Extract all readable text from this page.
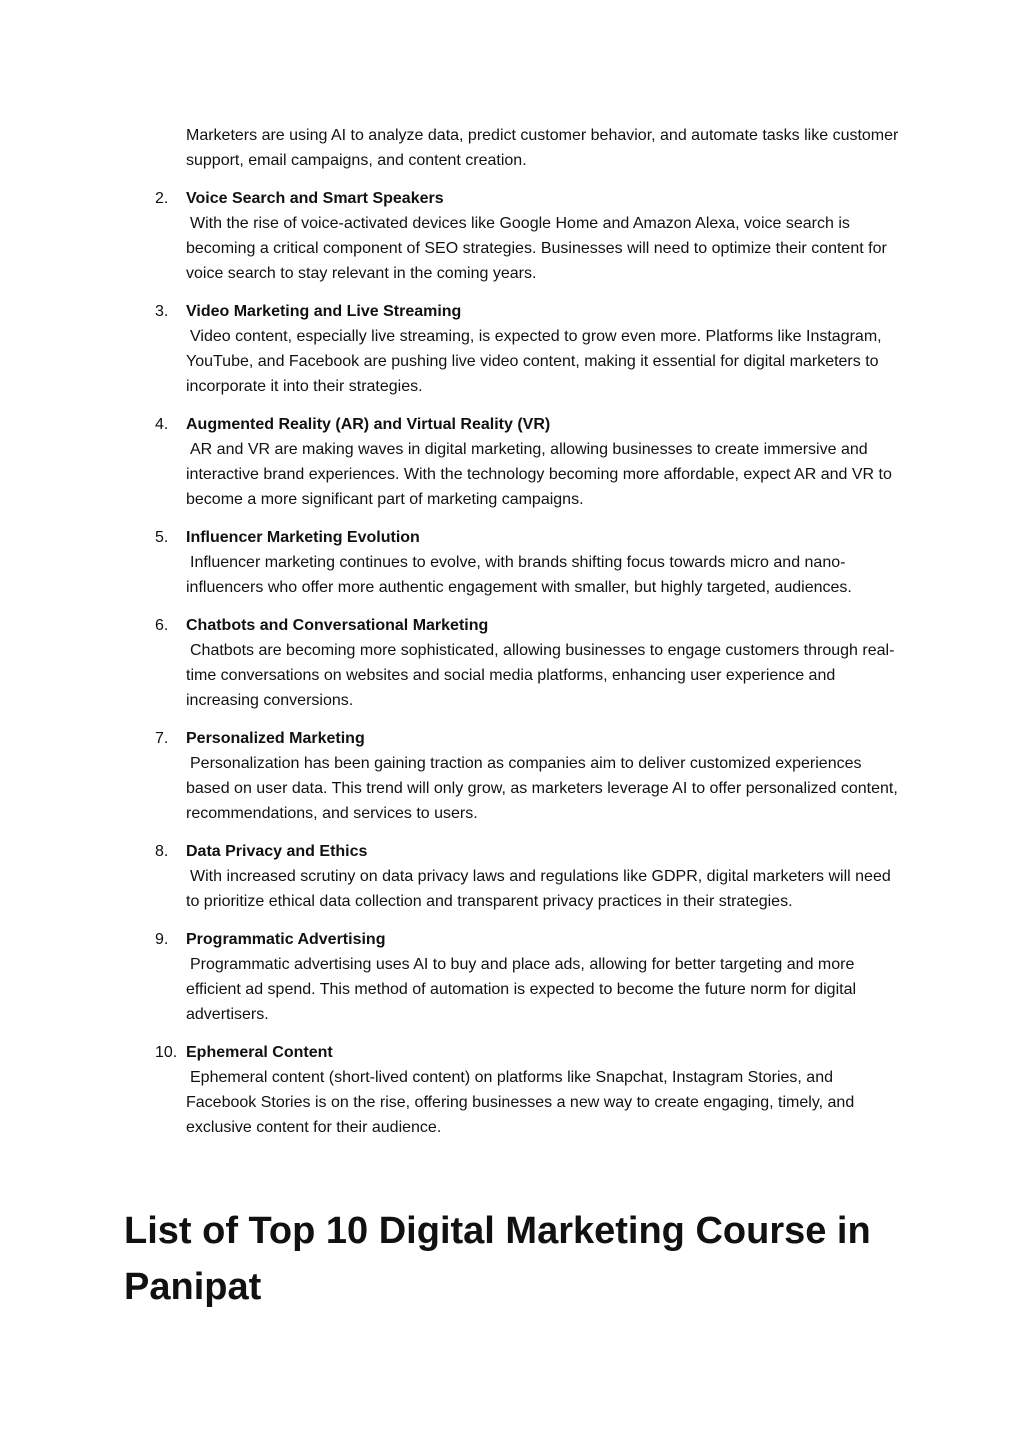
Marketers are using AI to analyze data, predict customer behavior, and automate tasks like customer support, email campaigns, and content creation.

2. Voice Search and Smart Speakers
With the rise of voice-activated devices like Google Home and Amazon Alexa, voice search is becoming a critical component of SEO strategies. Businesses will need to optimize their content for voice search to stay relevant in the coming years.
3. Video Marketing and Live Streaming
Video content, especially live streaming, is expected to grow even more. Platforms like Instagram, YouTube, and Facebook are pushing live video content, making it essential for digital marketers to incorporate it into their strategies.
4. Augmented Reality (AR) and Virtual Reality (VR)
AR and VR are making waves in digital marketing, allowing businesses to create immersive and interactive brand experiences. With the technology becoming more affordable, expect AR and VR to become a more significant part of marketing campaigns.
5. Influencer Marketing Evolution
Influencer marketing continues to evolve, with brands shifting focus towards micro and nano-influencers who offer more authentic engagement with smaller, but highly targeted, audiences.
6. Chatbots and Conversational Marketing
Chatbots are becoming more sophisticated, allowing businesses to engage customers through real-time conversations on websites and social media platforms, enhancing user experience and increasing conversions.
7. Personalized Marketing
Personalization has been gaining traction as companies aim to deliver customized experiences based on user data. This trend will only grow, as marketers leverage AI to offer personalized content, recommendations, and services to users.
8. Data Privacy and Ethics
With increased scrutiny on data privacy laws and regulations like GDPR, digital marketers will need to prioritize ethical data collection and transparent privacy practices in their strategies.
9. Programmatic Advertising
Programmatic advertising uses AI to buy and place ads, allowing for better targeting and more efficient ad spend. This method of automation is expected to become the future norm for digital advertisers.
10. Ephemeral Content
Ephemeral content (short-lived content) on platforms like Snapchat, Instagram Stories, and Facebook Stories is on the rise, offering businesses a new way to create engaging, timely, and exclusive content for their audience.
List of Top 10 Digital Marketing Course in Panipat
